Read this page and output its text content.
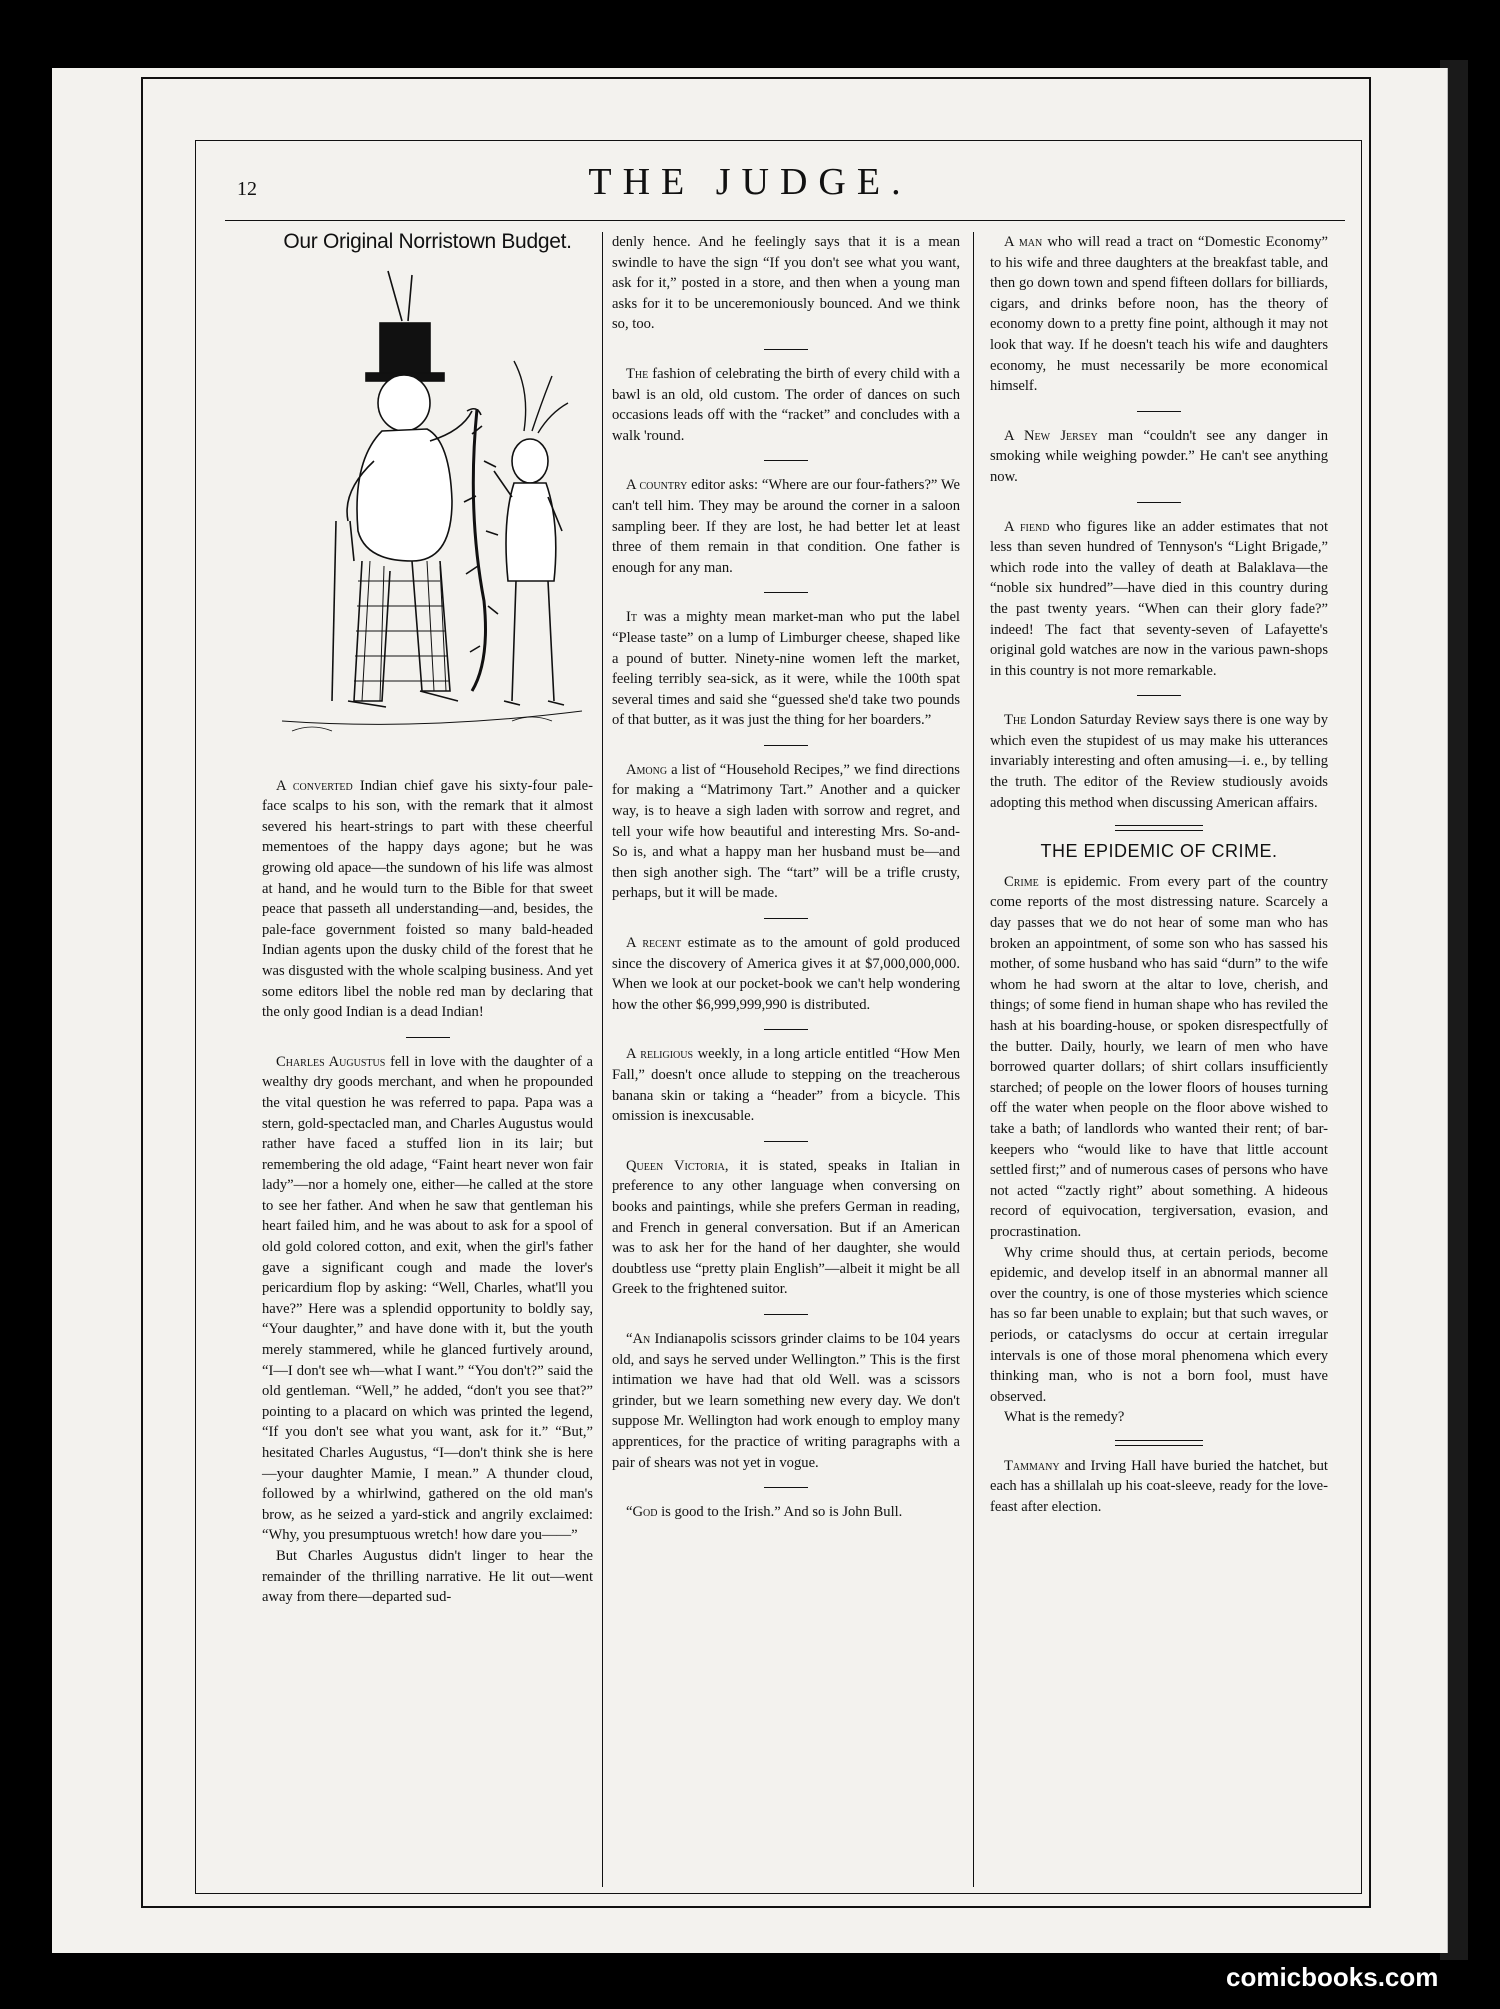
12	THE JUDGE.
Our Original Norristown Budget.

A converted Indian chief gave his sixty-four pale-face scalps to his son, with the remark that it almost severed his heart-strings to part with these cheerful mementoes of the happy days agone; but he was growing old apace—the sundown of his life was almost at hand, and he would turn to the Bible for that sweet peace that passeth all understanding—and, besides, the pale-face government foisted so many bald-headed Indian agents upon the dusky child of the forest that he was disgusted with the whole scalping business. And yet some editors libel the noble red man by declaring that the only good Indian is a dead Indian!

Charles Augustus fell in love with the daughter of a wealthy dry goods merchant, and when he propounded the vital question he was referred to papa. Papa was a stern, gold-spectacled man, and Charles Augustus would rather have faced a stuffed lion in its lair; but remembering the old adage, “Faint heart never won fair lady”—nor a homely one, either—he called at the store to see her father. And when he saw that gentleman his heart failed him, and he was about to ask for a spool of old gold colored cotton, and exit, when the girl's father gave a significant cough and made the lover's pericardium flop by asking: “Well, Charles, what'll you have?” Here was a splendid opportunity to boldly say, “Your daughter,” and have done with it, but the youth merely stammered, while he glanced furtively around, “I—I don't see wh—what I want.” “You don't?” said the old gentleman. “Well,” he added, “don't you see that?” pointing to a placard on which was printed the legend, “If you don't see what you want, ask for it.” “But,” hesitated Charles Augustus, “I—don't think she is here—your daughter Mamie, I mean.” A thunder cloud, followed by a whirlwind, gathered on the old man's brow, as he seized a yard-stick and angrily exclaimed: “Why, you presumptuous wretch! how dare you——”

But Charles Augustus didn't linger to hear the remainder of the thrilling narrative. He lit out—went away from there—departed sud-

denly hence. And he feelingly says that it is a mean swindle to have the sign “If you don't see what you want, ask for it,” posted in a store, and then when a young man asks for it to be unceremoniously bounced. And we think so, too.

The fashion of celebrating the birth of every child with a bawl is an old, old custom. The order of dances on such occasions leads off with the “racket” and concludes with a walk 'round.

A country editor asks: “Where are our four-fathers?” We can't tell him. They may be around the corner in a saloon sampling beer. If they are lost, he had better let at least three of them remain in that condition. One father is enough for any man.

It was a mighty mean market-man who put the label “Please taste” on a lump of Limburger cheese, shaped like a pound of butter. Ninety-nine women left the market, feeling terribly sea-sick, as it were, while the 100th spat several times and said she “guessed she'd take two pounds of that butter, as it was just the thing for her boarders.”

Among a list of “Household Recipes,” we find directions for making a “Matrimony Tart.” Another and a quicker way, is to heave a sigh laden with sorrow and regret, and tell your wife how beautiful and interesting Mrs. So-and-So is, and what a happy man her husband must be—and then sigh another sigh. The “tart” will be a trifle crusty, perhaps, but it will be made.

A recent estimate as to the amount of gold produced since the discovery of America gives it at $7,000,000,000. When we look at our pocket-book we can't help wondering how the other $6,999,999,990 is distributed.

A religious weekly, in a long article entitled “How Men Fall,” doesn't once allude to stepping on the treacherous banana skin or taking a “header” from a bicycle. This omission is inexcusable.

Queen Victoria, it is stated, speaks in Italian in preference to any other language when conversing on books and paintings, while she prefers German in reading, and French in general conversation. But if an American was to ask her for the hand of her daughter, she would doubtless use “pretty plain English”—albeit it might be all Greek to the frightened suitor.

“An Indianapolis scissors grinder claims to be 104 years old, and says he served under Wellington.” This is the first intimation we have had that old Well. was a scissors grinder, but we learn something new every day. We don't suppose Mr. Wellington had work enough to employ many apprentices, for the practice of writing paragraphs with a pair of shears was not yet in vogue.

“God is good to the Irish.” And so is John Bull.

A man who will read a tract on “Domestic Economy” to his wife and three daughters at the breakfast table, and then go down town and spend fifteen dollars for billiards, cigars, and drinks before noon, has the theory of economy down to a pretty fine point, although it may not look that way. If he doesn't teach his wife and daughters economy, he must necessarily be more economical himself.

A New Jersey man “couldn't see any danger in smoking while weighing powder.” He can't see anything now.

A fiend who figures like an adder estimates that not less than seven hundred of Tennyson's “Light Brigade,” which rode into the valley of death at Balaklava—the “noble six hundred”—have died in this country during the past twenty years. “When can their glory fade?” indeed! The fact that seventy-seven of Lafayette's original gold watches are now in the various pawn-shops in this country is not more remarkable.

The London Saturday Review says there is one way by which even the stupidest of us may make his utterances invariably interesting and often amusing—i. e., by telling the truth. The editor of the Review studiously avoids adopting this method when discussing American affairs.

THE EPIDEMIC OF CRIME.

Crime is epidemic. From every part of the country come reports of the most distressing nature. Scarcely a day passes that we do not hear of some man who has broken an appointment, of some son who has sassed his mother, of some husband who has said “durn” to the wife whom he had sworn at the altar to love, cherish, and things; of some fiend in human shape who has reviled the hash at his boarding-house, or spoken disrespectfully of the butter. Daily, hourly, we learn of men who have borrowed quarter dollars; of shirt collars insufficiently starched; of people on the lower floors of houses turning off the water when people on the floor above wished to take a bath; of landlords who wanted their rent; of bar-keepers who “would like to have that little account settled first;” and of numerous cases of persons who have not acted “'zactly right” about something. A hideous record of equivocation, tergiversation, evasion, and procrastination.

Why crime should thus, at certain periods, become epidemic, and develop itself in an abnormal manner all over the country, is one of those mysteries which science has so far been unable to explain; but that such waves, or periods, or cataclysms do occur at certain irregular intervals is one of those moral phenomena which every thinking man, who is not a born fool, must have observed.

What is the remedy?

Tammany and Irving Hall have buried the hatchet, but each has a shillalah up his coat-sleeve, ready for the love-feast after election.

comicbooks.com
